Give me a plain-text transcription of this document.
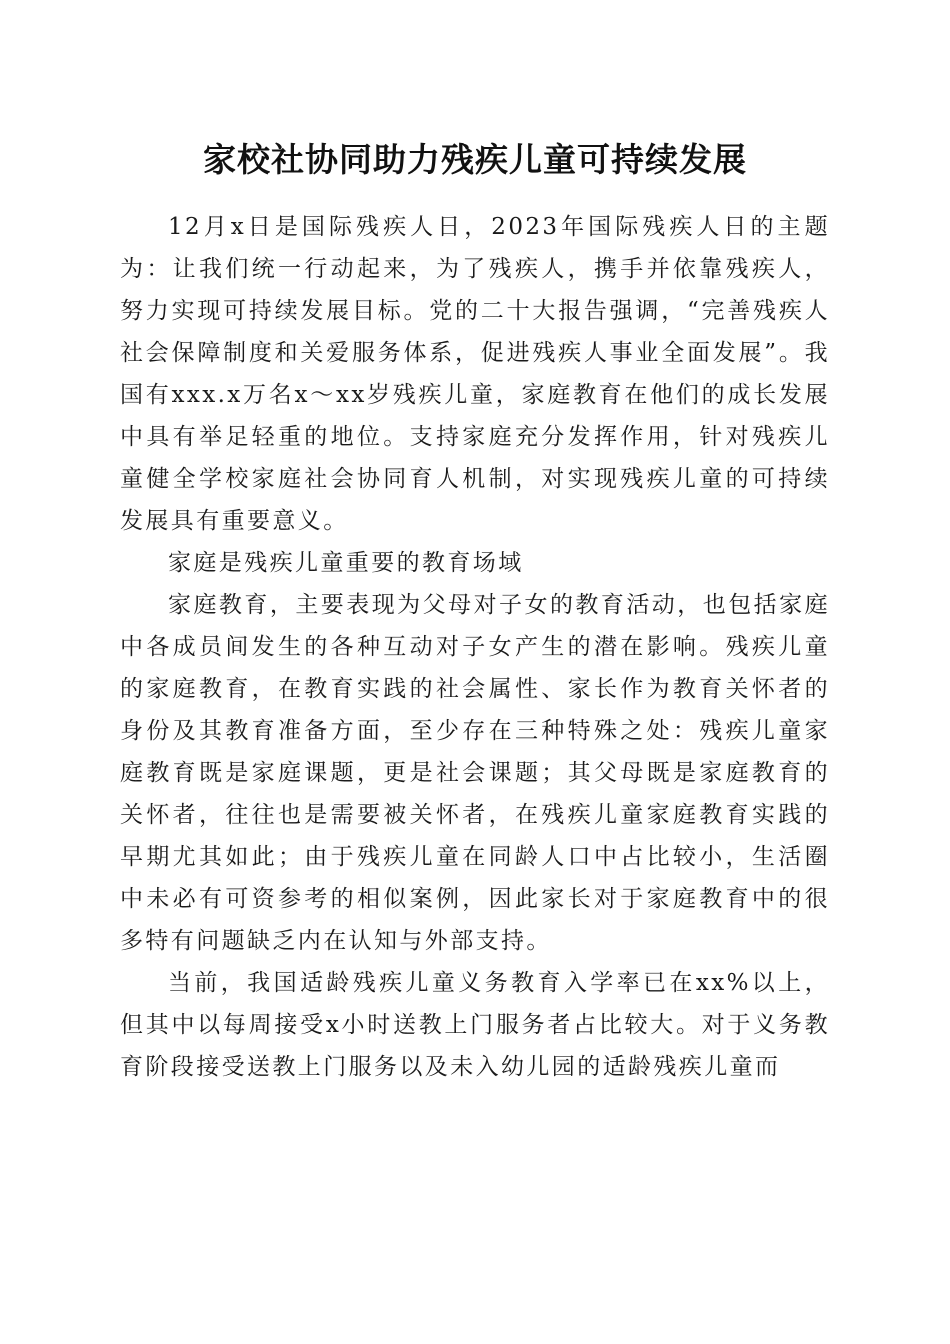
家校社协同助力残疾儿童可持续发展

12月x日是国际残疾人日，2023年国际残疾人日的主题为：让我们统一行动起来，为了残疾人，携手并依靠残疾人，努力实现可持续发展目标。党的二十大报告强调，“完善残疾人社会保障制度和关爱服务体系，促进残疾人事业全面发展”。我国有xxx.x万名x～xx岁残疾儿童，家庭教育在他们的成长发展中具有举足轻重的地位。支持家庭充分发挥作用，针对残疾儿童健全学校家庭社会协同育人机制，对实现残疾儿童的可持续发展具有重要意义。

家庭是残疾儿童重要的教育场域

家庭教育，主要表现为父母对子女的教育活动，也包括家庭中各成员间发生的各种互动对子女产生的潜在影响。残疾儿童的家庭教育，在教育实践的社会属性、家长作为教育关怀者的身份及其教育准备方面，至少存在三种特殊之处：残疾儿童家庭教育既是家庭课题，更是社会课题；其父母既是家庭教育的关怀者，往往也是需要被关怀者，在残疾儿童家庭教育实践的早期尤其如此；由于残疾儿童在同龄人口中占比较小，生活圈中未必有可资参考的相似案例，因此家长对于家庭教育中的很多特有问题缺乏内在认知与外部支持。

当前，我国适龄残疾儿童义务教育入学率已在xx%以上，但其中以每周接受x小时送教上门服务者占比较大。对于义务教育阶段接受送教上门服务以及未入幼儿园的适龄残疾儿童而
